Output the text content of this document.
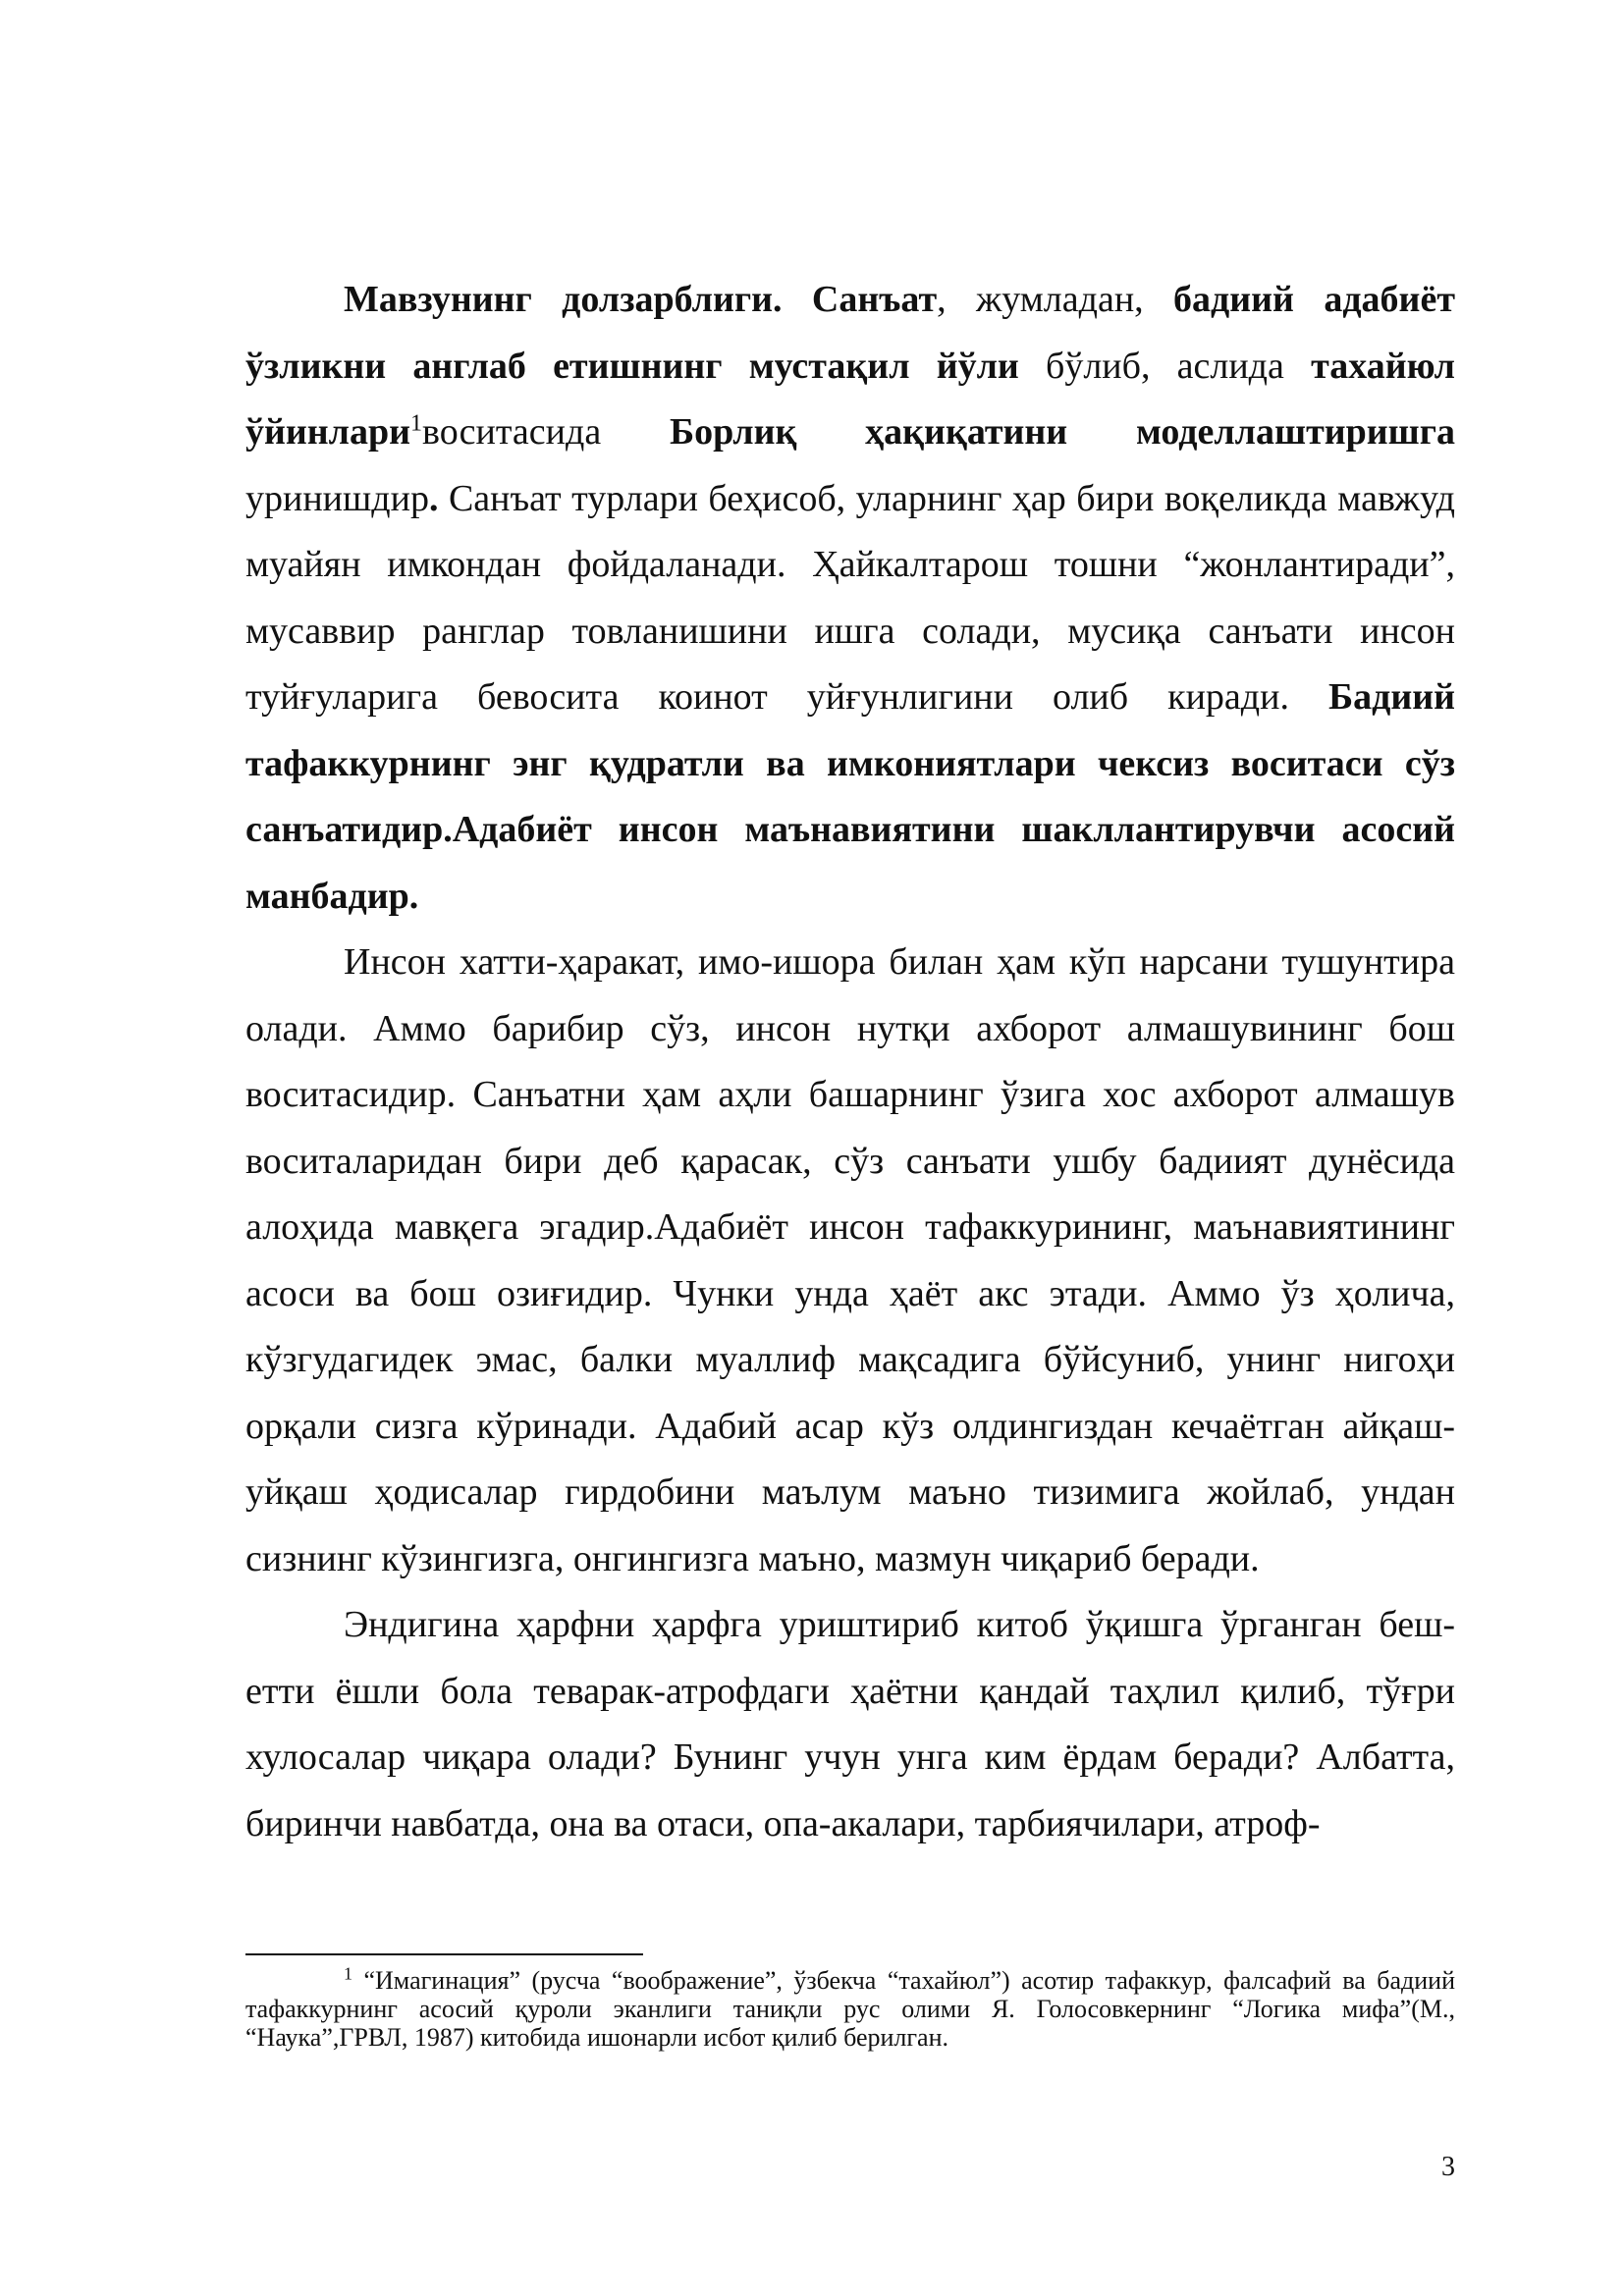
Мавзунинг долзарблиги. Санъат, жумладан, бадиий адабиёт ўзликни англаб етишнинг мустақил йўли бўлиб, аслида тахайюл ўйинлари$^1$воситасида Борлиқ ҳақиқатини моделлаштиришга уринишдир. Санъат турлари беҳисоб, уларнинг ҳар бири воқеликда мавжуд муайян имкондан фойдаланади. Ҳайкалтарош тошни “жонлантиради”, мусаввир ранглар товланишини ишга солади, мусиқа санъати инсон туйғуларига бевосита коинот уйғунлигини олиб киради. Бадиий тафаккурнинг энг қудратли ва имкониятлари чексиз воситаси сўз санъатидир.Адабиёт инсон маънавиятини шакллантирувчи асосий манбадир.

Инсон хатти-ҳаракат, имо-ишора билан ҳам кўп нарсани тушунтира олади. Аммо барибир сўз, инсон нутқи ахборот алмашувининг бош воситасидир. Санъатни ҳам аҳли башарнинг ўзига хос ахборот алмашув воситаларидан бири деб қарасак, сўз санъати ушбу бадиият дунёсида алоҳида мавқега эгадир.Адабиёт инсон тафаккурининг, маънавиятининг асоси ва бош озиғидир. Чунки унда ҳаёт акс этади. Аммо ўз ҳолича, кўзгудагидек эмас, балки муаллиф мақсадига бўйсуниб, унинг нигоҳи орқали сизга кўринади. Адабий асар кўз олдингиздан кечаётган айқаш-уйқаш ҳодисалар гирдобини маълум маъно тизимига жойлаб, ундан сизнинг кўзингизга, онгингизга маъно, мазмун чиқариб беради.

Эндигина ҳарфни ҳарфга уриштириб китоб ўқишга ўрганган беш-етти ёшли бола теварак-атрофдаги ҳаётни қандай таҳлил қилиб, тўғри хулосалар чиқара олади? Бунинг учун унга ким ёрдам беради? Албатта, биринчи навбатда, она ва отаси, опа-акалари, тарбиячилари, атроф-

$^1$ “Имагинация” (русча “воображение”, ўзбекча “тахайюл”) асотир тафаккур, фалсафий ва бадиий тафаккурнинг асосий қуроли эканлиги таниқли рус олими Я. Голосовкернинг “Логика мифа”(М., “Наука”,ГРВЛ, 1987) китобида ишонарли исбот қилиб берилган.

3
